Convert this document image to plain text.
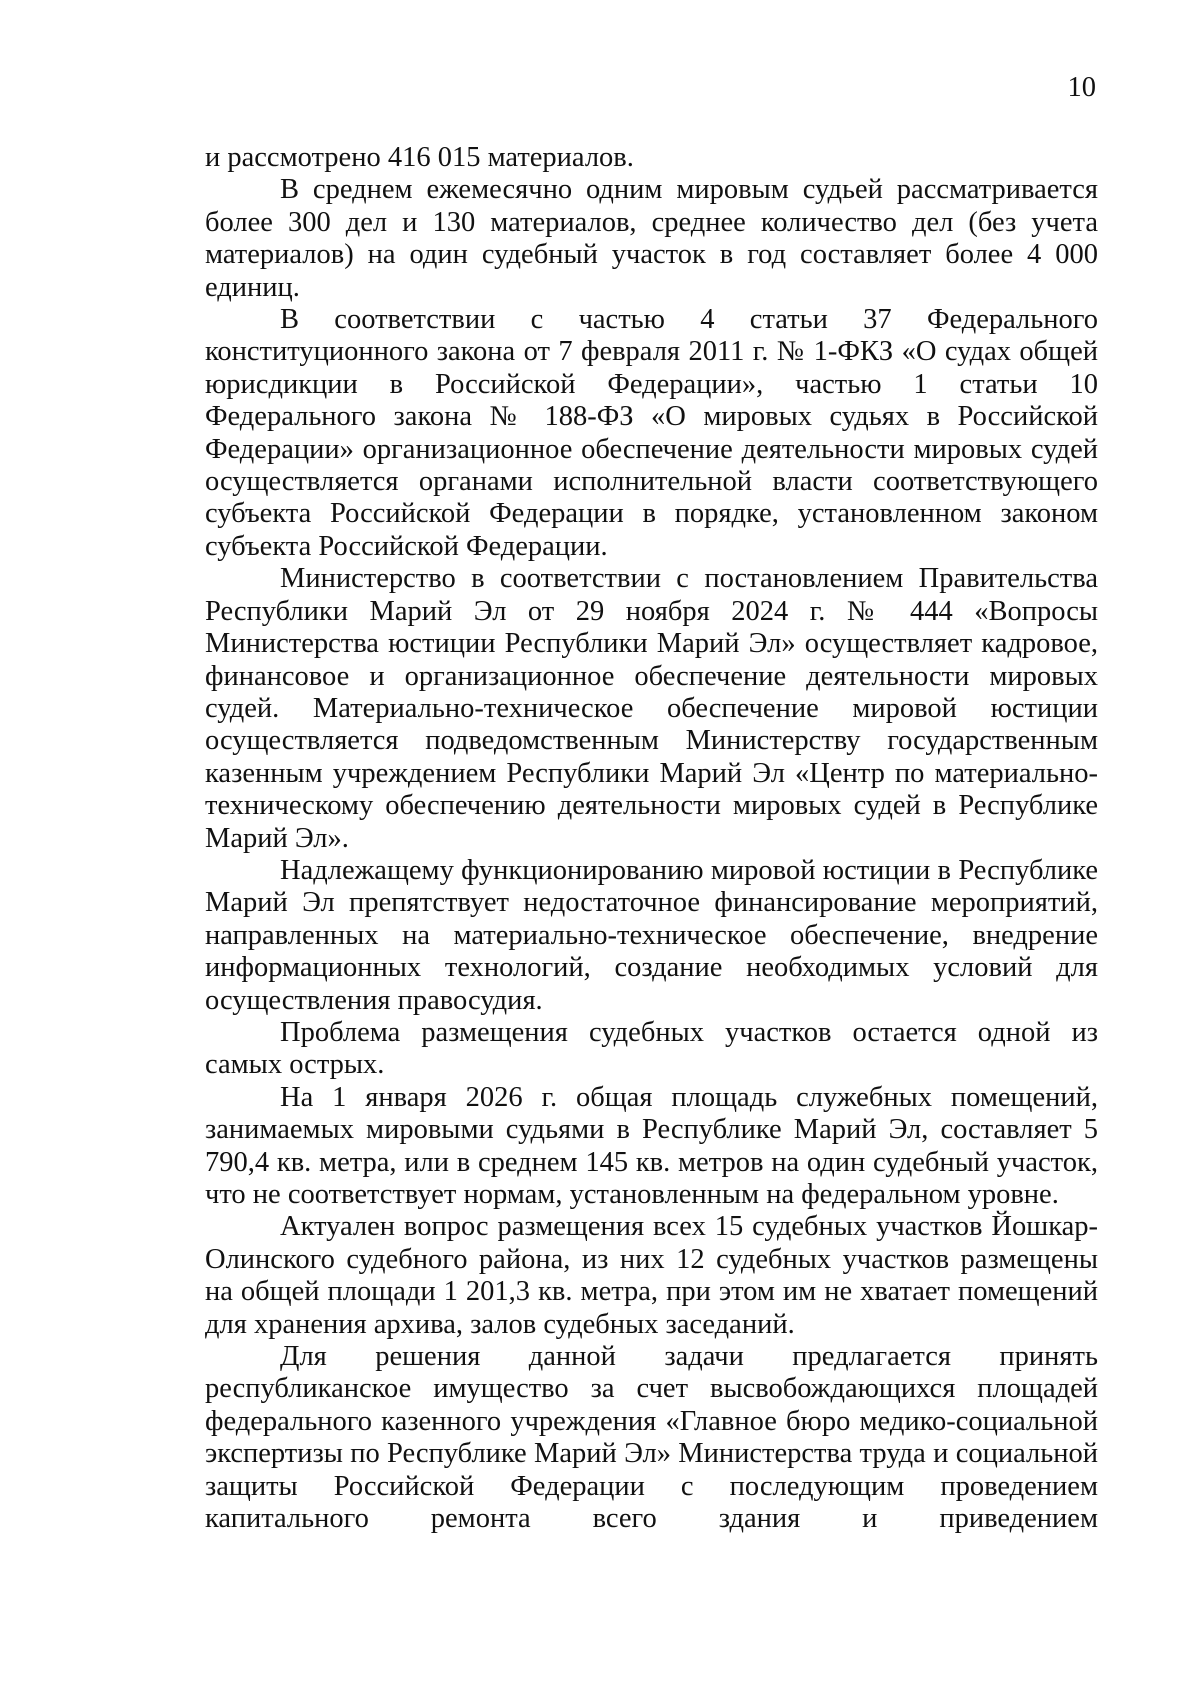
10

и рассмотрено 416 015 материалов.

В среднем ежемесячно одним мировым судьей рассматривается более 300 дел и 130 материалов, среднее количество дел (без учета материалов) на один судебный участок в год составляет более 4 000 единиц.

В соответствии с частью 4 статьи 37 Федерального конституционного закона от 7 февраля 2011 г. № 1-ФКЗ «О судах общей юрисдикции в Российской Федерации», частью 1 статьи 10 Федерального закона № 188-ФЗ «О мировых судьях в Российской Федерации» организационное обеспечение деятельности мировых судей осуществляется органами исполнительной власти соответствующего субъекта Российской Федерации в порядке, установленном законом субъекта Российской Федерации.

Министерство в соответствии с постановлением Правительства Республики Марий Эл от 29 ноября 2024 г. № 444 «Вопросы Министерства юстиции Республики Марий Эл» осуществляет кадровое, финансовое и организационное обеспечение деятельности мировых судей. Материально-техническое обеспечение мировой юстиции осуществляется подведомственным Министерству государственным казенным учреждением Республики Марий Эл «Центр по материально-техническому обеспечению деятельности мировых судей в Республике Марий Эл».

Надлежащему функционированию мировой юстиции в Республике Марий Эл препятствует недостаточное финансирование мероприятий, направленных на материально-техническое обеспечение, внедрение информационных технологий, создание необходимых условий для осуществления правосудия.

Проблема размещения судебных участков остается одной из самых острых.

На 1 января 2026 г. общая площадь служебных помещений, занимаемых мировыми судьями в Республике Марий Эл, составляет 5 790,4 кв. метра, или в среднем 145 кв. метров на один судебный участок, что не соответствует нормам, установленным на федеральном уровне.

Актуален вопрос размещения всех 15 судебных участков Йошкар-Олинского судебного района, из них 12 судебных участков размещены на общей площади 1 201,3 кв. метра, при этом им не хватает помещений для хранения архива, залов судебных заседаний.

Для решения данной задачи предлагается принять республиканское имущество за счет высвобождающихся площадей федерального казенного учреждения «Главное бюро медико-социальной экспертизы по Республике Марий Эл» Министерства труда и социальной защиты Российской Федерации с последующим проведением капитального ремонта всего здания и приведением
